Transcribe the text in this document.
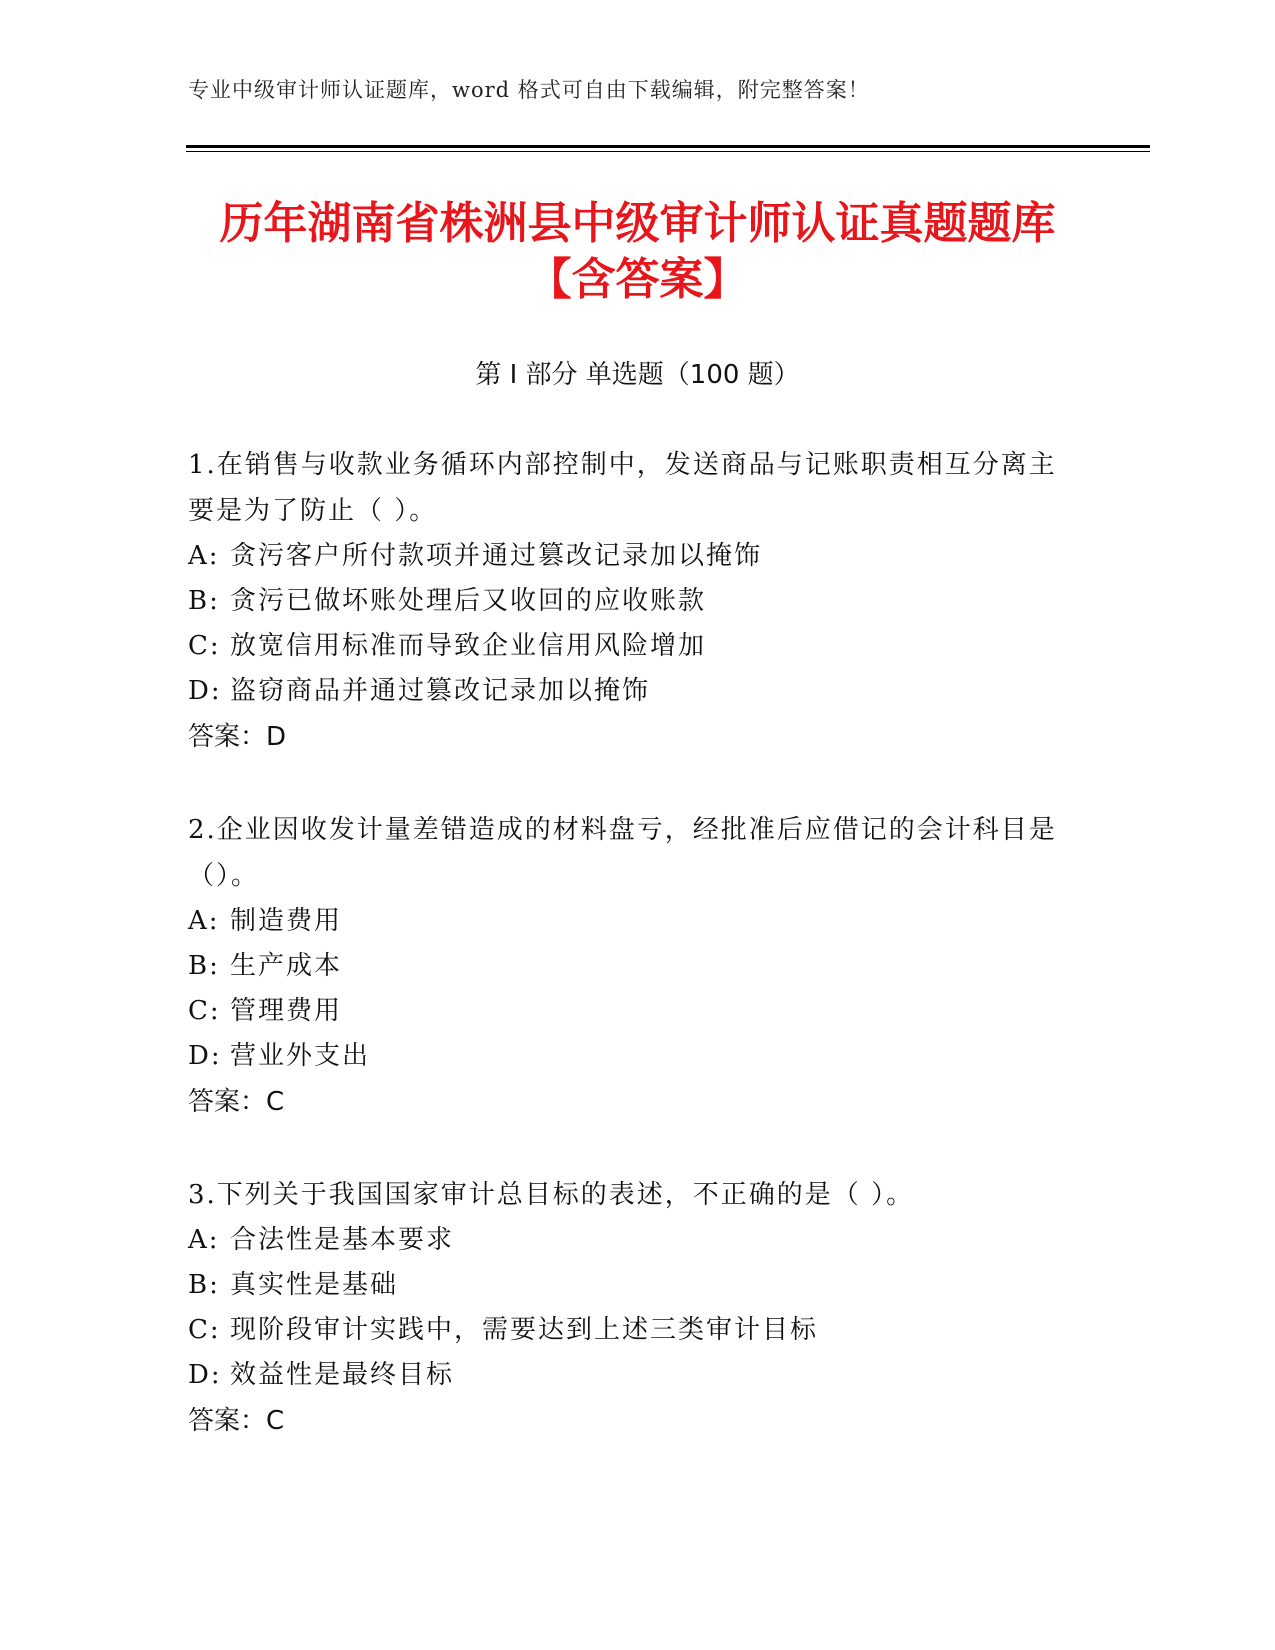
专业中级审计师认证题库，word 格式可自由下载编辑，附完整答案！
历年湖南省株洲县中级审计师认证真题题库
【含答案】
第 I 部分 单选题（100 题）

1.在销售与收款业务循环内部控制中，发送商品与记账职责相互分离主要是为了防止（ ）。

A: 贪污客户所付款项并通过篡改记录加以掩饰
B: 贪污已做坏账处理后又收回的应收账款
C: 放宽信用标准而导致企业信用风险增加
D: 盗窃商品并通过篡改记录加以掩饰
答案：D

2.企业因收发计量差错造成的材料盘亏，经批准后应借记的会计科目是（）。

A: 制造费用
B: 生产成本
C: 管理费用
D: 营业外支出
答案：C

3.下列关于我国国家审计总目标的表述，不正确的是（ ）。

A: 合法性是基本要求
B: 真实性是基础
C: 现阶段审计实践中，需要达到上述三类审计目标
D: 效益性是最终目标
答案：C
